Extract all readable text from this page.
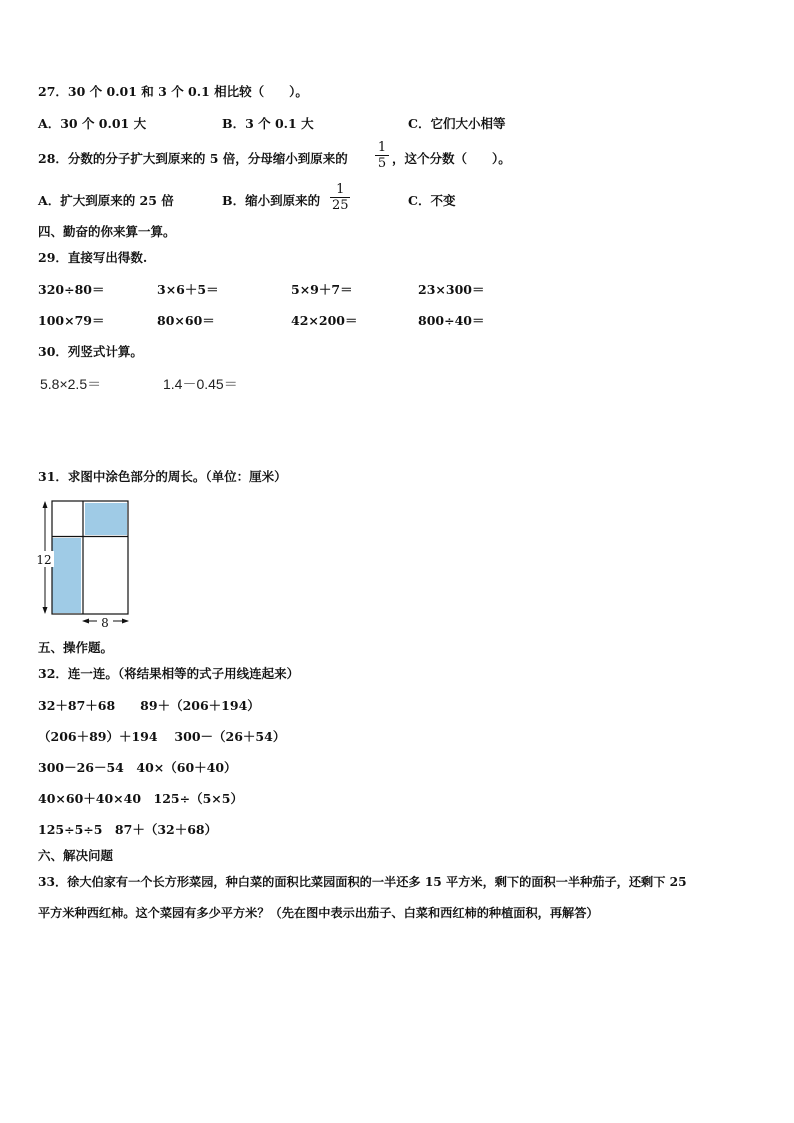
27．30 个 0.01 和 3 个 0.1 相比较（　　）。
A．30 个 0.01 大	B．3 个 0.1 大	C．它们大小相等
28．分数的分子扩大到原来的 5 倍，分母缩小到原来的
1
5 ，这个分数（　　）。
A．扩大到原来的 25 倍	B．缩小到原来的
1
25	C．不变
四、勤奋的你来算一算。
29．直接写出得数.
320÷80＝	3×6＋5＝	5×9＋7＝	23×300＝
100×79＝	80×60＝	42×200＝	800÷40＝
30．列竖式计算。
5.8×2.5＝	1.4－0.45＝
31．求图中涂色部分的周长。（单位：厘米）
12
8
五、操作题。
32．连一连。（将结果相等的式子用线连起来）
32＋87＋68　　89＋（206＋194）
（206＋89）＋194　 300－（26＋54）
300－26－54　40×（60＋40）
40×60＋40×40　125÷（5×5）
125÷5÷5　87＋（32＋68）
六、解决问题
33．徐大伯家有一个长方形菜园，种白菜的面积比菜园面积的一半还多 15 平方米，剩下的面积一半种茄子，还剩下 25
平方米种西红柿。这个菜园有多少平方米？（先在图中表示出茄子、白菜和西红柿的种植面积，再解答）
